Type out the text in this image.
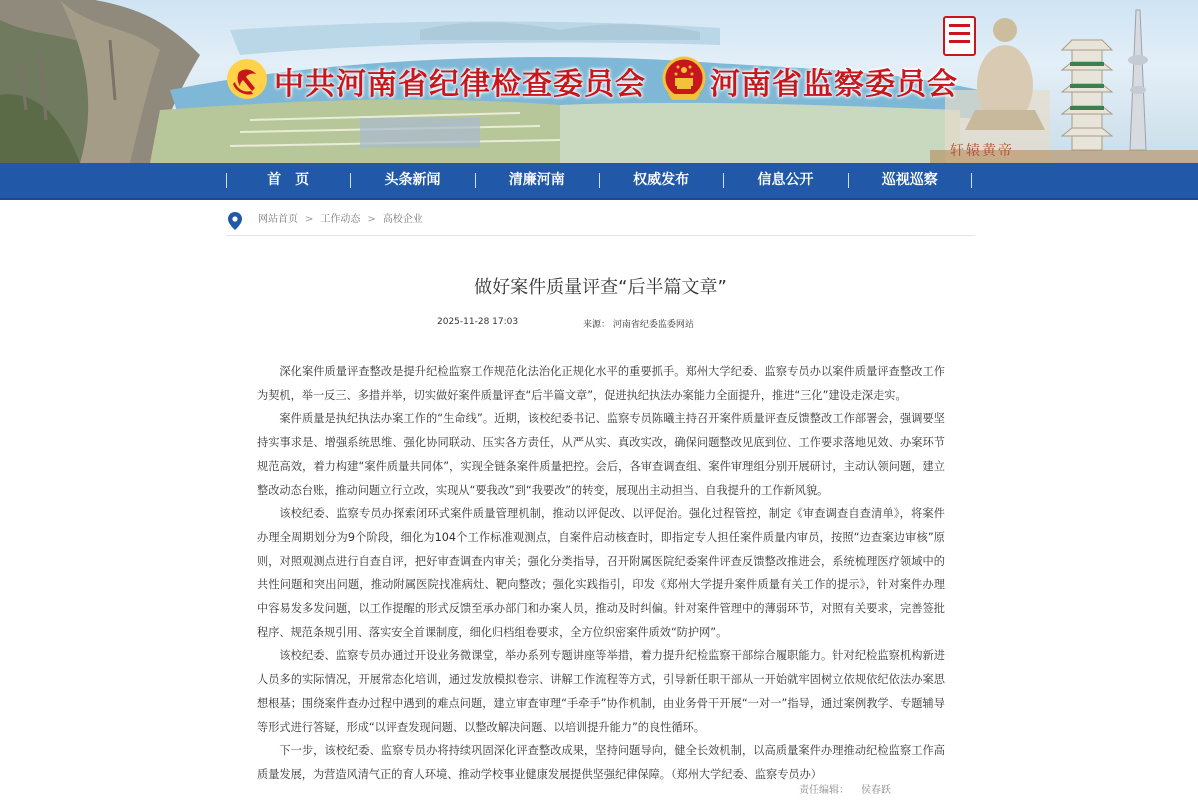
中共河南省纪律检查委员会 河南省监察委员会
轩辕黄帝
首　页	头条新闻	清廉河南	权威发布	信息公开	巡视巡察
网站首页 > 工作动态 > 高校企业
做好案件质量评查“后半篇文章”
2025-11-28 17:03	来源： 河南省纪委监委网站

深化案件质量评查整改是提升纪检监察工作规范化法治化正规化水平的重要抓手。郑州大学纪委、监察专员办以案件质量评查整改工作为契机，举一反三、多措并举，切实做好案件质量评查“后半篇文章”，促进执纪执法办案能力全面提升，推进“三化”建设走深走实。

案件质量是执纪执法办案工作的“生命线”。近期，该校纪委书记、监察专员陈曦主持召开案件质量评查反馈整改工作部署会，强调要坚持实事求是、增强系统思维、强化协同联动、压实各方责任，从严从实、真改实改，确保问题整改见底到位、工作要求落地见效、办案环节规范高效，着力构建“案件质量共同体”，实现全链条案件质量把控。会后，各审查调查组、案件审理组分别开展研讨，主动认领问题，建立整改动态台账，推动问题立行立改，实现从“要我改”到“我要改”的转变，展现出主动担当、自我提升的工作新风貌。

该校纪委、监察专员办探索闭环式案件质量管理机制，推动以评促改、以评促治。强化过程管控，制定《审查调查自查清单》，将案件办理全周期划分为9个阶段，细化为104个工作标准观测点，自案件启动核查时，即指定专人担任案件质量内审员，按照“边查案边审核”原则，对照观测点进行自查自评，把好审查调查内审关；强化分类指导，召开附属医院纪委案件评查反馈整改推进会，系统梳理医疗领域中的共性问题和突出问题，推动附属医院找准病灶、靶向整改；强化实践指引，印发《郑州大学提升案件质量有关工作的提示》，针对案件办理中容易发多发问题，以工作提醒的形式反馈至承办部门和办案人员，推动及时纠偏。针对案件管理中的薄弱环节，对照有关要求，完善签批程序、规范条规引用、落实安全首课制度，细化归档组卷要求，全方位织密案件质效“防护网”。

该校纪委、监察专员办通过开设业务微课堂，举办系列专题讲座等举措，着力提升纪检监察干部综合履职能力。针对纪检监察机构新进人员多的实际情况，开展常态化培训，通过发放模拟卷宗、讲解工作流程等方式，引导新任职干部从一开始就牢固树立依规依纪依法办案思想根基；围绕案件查办过程中遇到的难点问题，建立审查审理“手牵手”协作机制，由业务骨干开展“一对一”指导，通过案例教学、专题辅导等形式进行答疑，形成“以评查发现问题、以整改解决问题、以培训提升能力”的良性循环。

下一步，该校纪委、监察专员办将持续巩固深化评查整改成果，坚持问题导向，健全长效机制，以高质量案件办理推动纪检监察工作高质量发展，为营造风清气正的育人环境、推动学校事业健康发展提供坚强纪律保障。（郑州大学纪委、监察专员办）

责任编辑： 侯春跃
